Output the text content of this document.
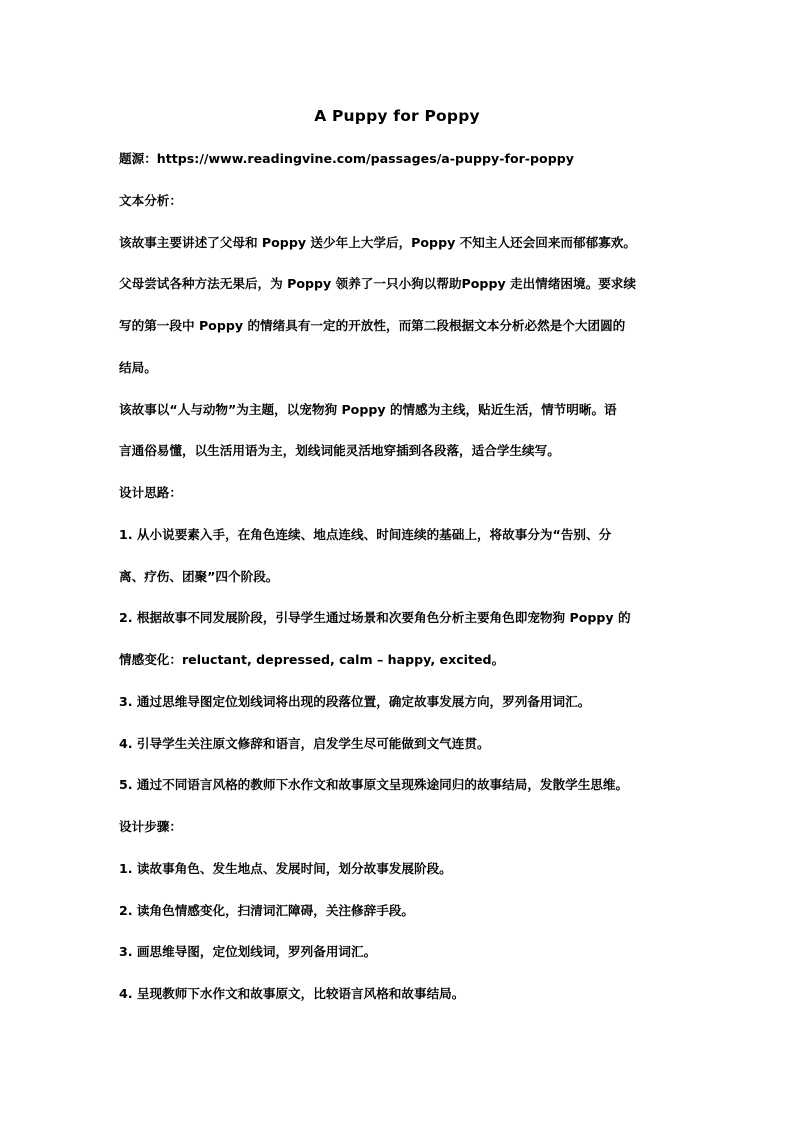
A Puppy for Poppy
题源：https://www.readingvine.com/passages/a-puppy-for-poppy
文本分析：
该故事主要讲述了父母和 Poppy 送少年上大学后，Poppy 不知主人还会回来而郁郁寡欢。
父母尝试各种方法无果后，为 Poppy 领养了一只小狗以帮助Poppy 走出情绪困境。要求续
写的第一段中 Poppy 的情绪具有一定的开放性，而第二段根据文本分析必然是个大团圆的
结局。
该故事以“人与动物”为主题，以宠物狗 Poppy 的情感为主线，贴近生活，情节明晰。语
言通俗易懂，以生活用语为主，划线词能灵活地穿插到各段落，适合学生续写。
设计思路：
1. 从小说要素入手，在角色连续、地点连线、时间连续的基础上，将故事分为“告别、分
离、疗伤、团聚”四个阶段。
2. 根据故事不同发展阶段，引导学生通过场景和次要角色分析主要角色即宠物狗 Poppy 的
情感变化：reluctant, depressed, calm – happy, excited。
3. 通过思维导图定位划线词将出现的段落位置，确定故事发展方向，罗列备用词汇。
4. 引导学生关注原文修辞和语言，启发学生尽可能做到文气连贯。
5. 通过不同语言风格的教师下水作文和故事原文呈现殊途同归的故事结局，发散学生思维。
设计步骤：
1. 读故事角色、发生地点、发展时间，划分故事发展阶段。
2. 读角色情感变化，扫清词汇障碍，关注修辞手段。
3. 画思维导图，定位划线词，罗列备用词汇。
4. 呈现教师下水作文和故事原文，比较语言风格和故事结局。
